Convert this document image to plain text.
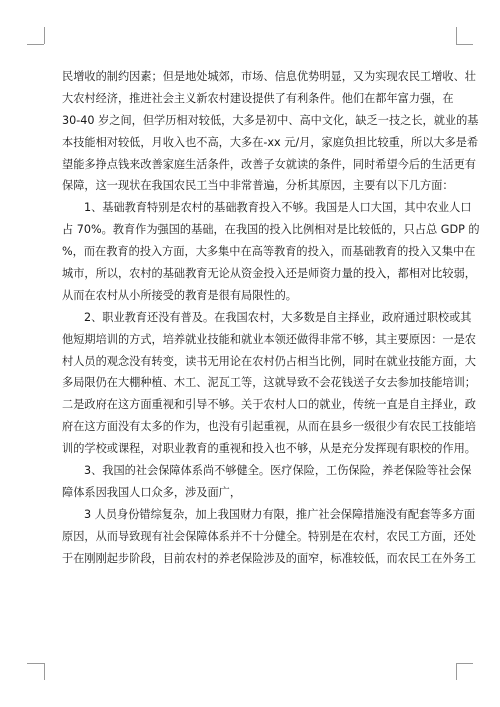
民增收的制约因素；但是地处城郊，市场、信息优势明显，又为实现农民工增收、壮
大农村经济，推进社会主义新农村建设提供了有利条件。他们在都年富力强，在
30-40 岁之间，但学历相对较低，大多是初中、高中文化，缺乏一技之长，就业的基
本技能相对较低，月收入也不高，大多在-xx 元/月，家庭负担比较重，所以大多是希
望能多挣点钱来改善家庭生活条件，改善子女就读的条件，同时希望今后的生活更有
保障，这一现状在我国农民工当中非常普遍，分析其原因，主要有以下几方面：
1、基础教育特别是农村的基础教育投入不够。我国是人口大国，其中农业人口
占 70%。教育作为强国的基础，在我国的投入比例相对是比较低的，只占总 GDP 的
%，而在教育的投入方面，大多集中在高等教育的投入，而基础教育的投入又集中在
城市，所以，农村的基础教育无论从资金投入还是师资力量的投入，都相对比较弱，
从而在农村从小所接受的教育是很有局限性的。
2、职业教育还没有普及。在我国农村，大多数是自主择业，政府通过职校或其
他短期培训的方式，培养就业技能和就业本领还做得非常不够，其主要原因：一是农
村人员的观念没有转变，读书无用论在农村仍占相当比例，同时在就业技能方面，大
多局限仍在大棚种植、木工、泥瓦工等，这就导致不会花钱送子女去参加技能培训；
二是政府在这方面重视和引导不够。关于农村人口的就业，传统一直是自主择业，政
府在这方面没有太多的作为，也没有引起重视，从而在县乡一级很少有农民工技能培
训的学校或课程，对职业教育的重视和投入也不够，从是充分发挥现有职校的作用。
3、我国的社会保障体系尚不够健全。医疗保险，工伤保险，养老保险等社会保
障体系因我国人口众多，涉及面广，
3 人员身份错综复杂，加上我国财力有限，推广社会保障措施没有配套等多方面
原因，从而导致现有社会保障体系并不十分健全。特别是在农村，农民工方面，还处
于在刚刚起步阶段，目前农村的养老保险涉及的面窄，标准较低，而农民工在外务工
